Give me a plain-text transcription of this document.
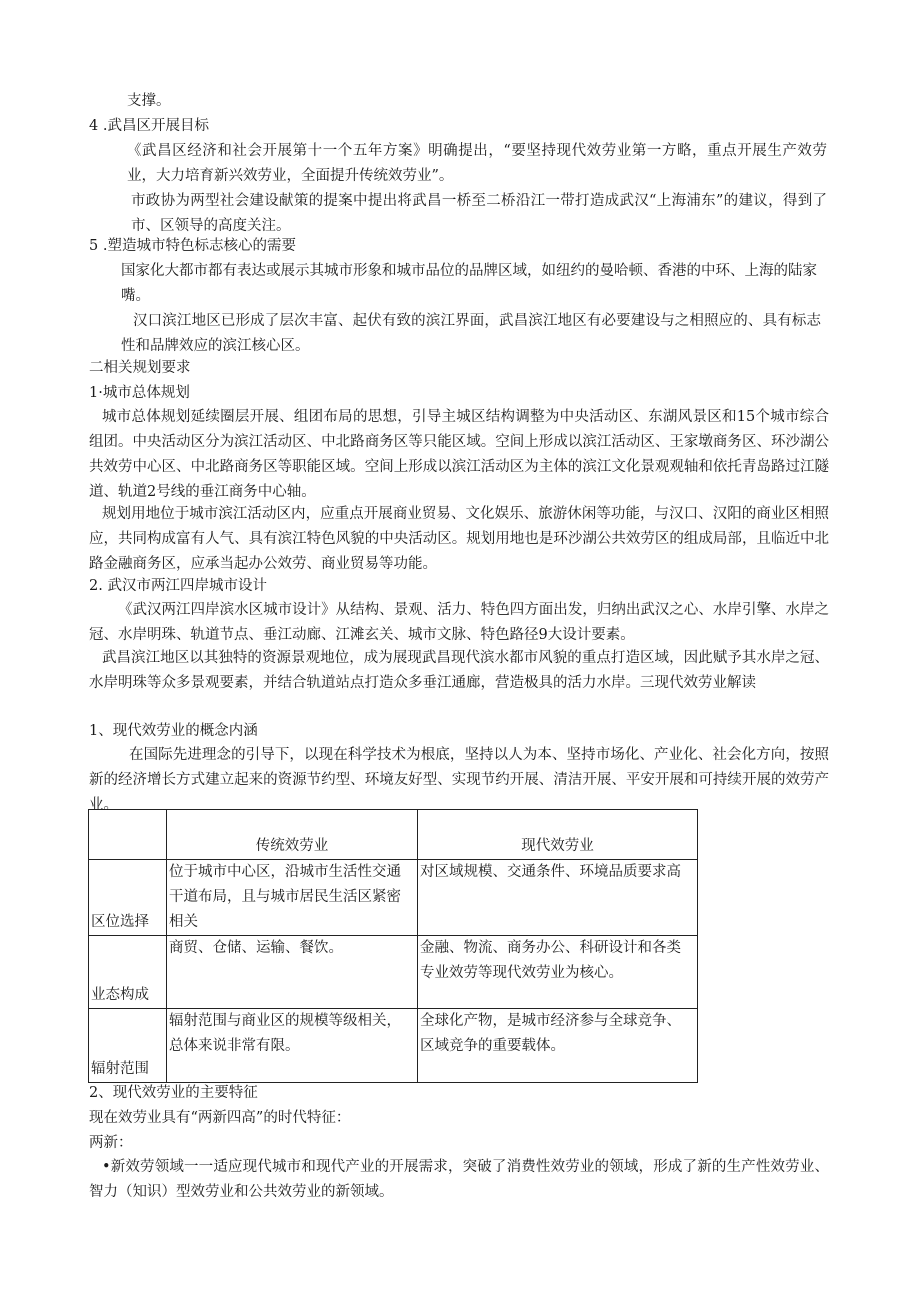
支撑。
4 .武昌区开展目标
《武昌区经济和社会开展第十一个五年方案》明确提出，“要坚持现代效劳业第一方略，重点开展生产效劳业，大力培育新兴效劳业，全面提升传统效劳业”。
市政协为两型社会建设献策的提案中提出将武昌一桥至二桥沿江一带打造成武汉“上海浦东”的建议，得到了市、区领导的高度关注。
5 .塑造城市特色标志核心的需要
国家化大都市都有表达或展示其城市形象和城市品位的品牌区域，如纽约的曼哈顿、香港的中环、上海的陆家嘴。
汉口滨江地区已形成了层次丰富、起伏有致的滨江界面，武昌滨江地区有必要建设与之相照应的、具有标志性和品牌效应的滨江核心区。
二相关规划要求
1·城市总体规划
城市总体规划延续圈层开展、组团布局的思想，引导主城区结构调整为中央活动区、东湖风景区和15个城市综合组团。中央活动区分为滨江活动区、中北路商务区等只能区域。空间上形成以滨江活动区、王家墩商务区、环沙湖公共效劳中心区、中北路商务区等职能区域。空间上形成以滨江活动区为主体的滨江文化景观观轴和依托青岛路过江隧道、轨道2号线的垂江商务中心轴。
规划用地位于城市滨江活动区内，应重点开展商业贸易、文化娱乐、旅游休闲等功能，与汉口、汉阳的商业区相照应，共同构成富有人气、具有滨江特色风貌的中央活动区。规划用地也是环沙湖公共效劳区的组成局部，且临近中北路金融商务区，应承当起办公效劳、商业贸易等功能。
2. 武汉市两江四岸城市设计
《武汉两江四岸滨水区城市设计》从结构、景观、活力、特色四方面出发，归纳出武汉之心、水岸引擎、水岸之冠、水岸明珠、轨道节点、垂江动廊、江滩玄关、城市文脉、特色路径9大设计要素。
武昌滨江地区以其独特的资源景观地位，成为展现武昌现代滨水都市风貌的重点打造区域，因此赋予其水岸之冠、水岸明珠等众多景观要素，并结合轨道站点打造众多垂江通廊，营造极具的活力水岸。三现代效劳业解读
1、现代效劳业的概念内涵
在国际先进理念的引导下，以现在科学技术为根底，坚持以人为本、坚持市场化、产业化、社会化方向，按照新的经济增长方式建立起来的资源节约型、环境友好型、实现节约开展、清洁开展、平安开展和可持续开展的效劳产业。
	传统效劳业	现代效劳业
区位选择	位于城市中心区，沿城市生活性交通干道布局，且与城市居民生活区紧密相关	对区域规模、交通条件、环境品质要求高
业态构成	商贸、仓储、运输、餐饮。	金融、物流、商务办公、科研设计和各类专业效劳等现代效劳业为核心。
辐射范围	辐射范围与商业区的规模等级相关，总体来说非常有限。	全球化产物，是城市经济参与全球竞争、区域竞争的重要载体。
2、现代效劳业的主要特征
现在效劳业具有“两新四高”的时代特征：
两新：
•新效劳领域一一适应现代城市和现代产业的开展需求，突破了消费性效劳业的领域，形成了新的生产性效劳业、智力（知识）型效劳业和公共效劳业的新领域。
